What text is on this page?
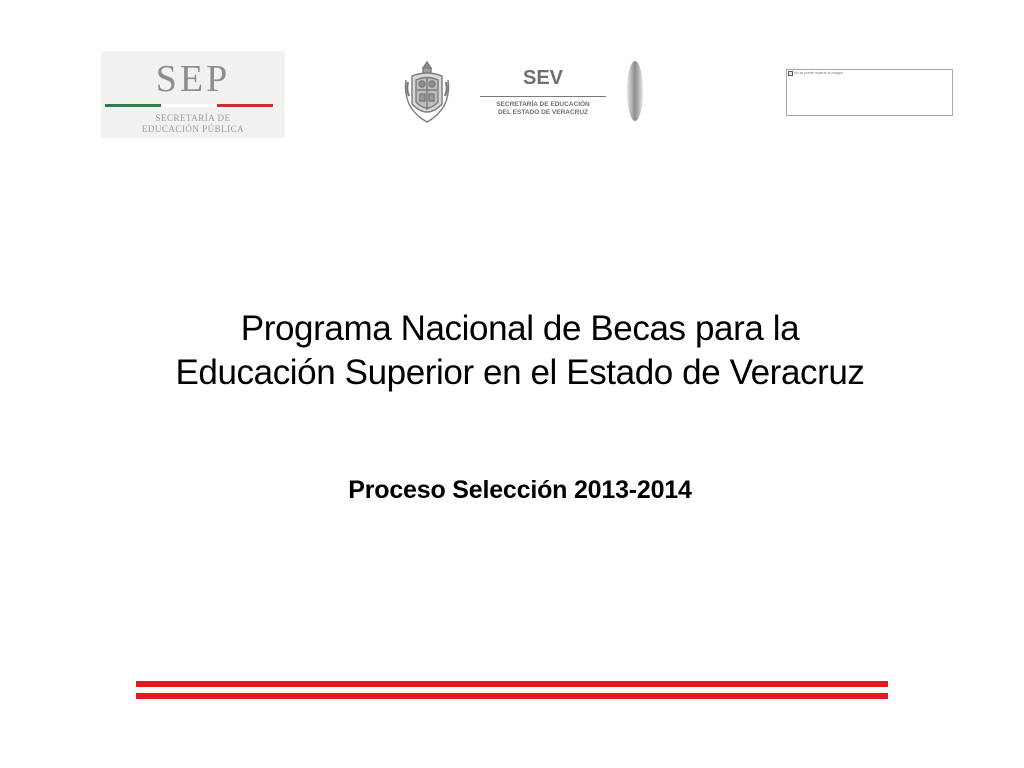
SEP
SECRETARÍA DE
EDUCACIÓN PÚBLICA
SEV
SECRETARÍA DE EDUCACIÓN
DEL ESTADO DE VERACRUZ
No se puede mostrar la imagen.
Programa Nacional de Becas para la
Educación Superior en el Estado de Veracruz
Proceso Selección 2013-2014
